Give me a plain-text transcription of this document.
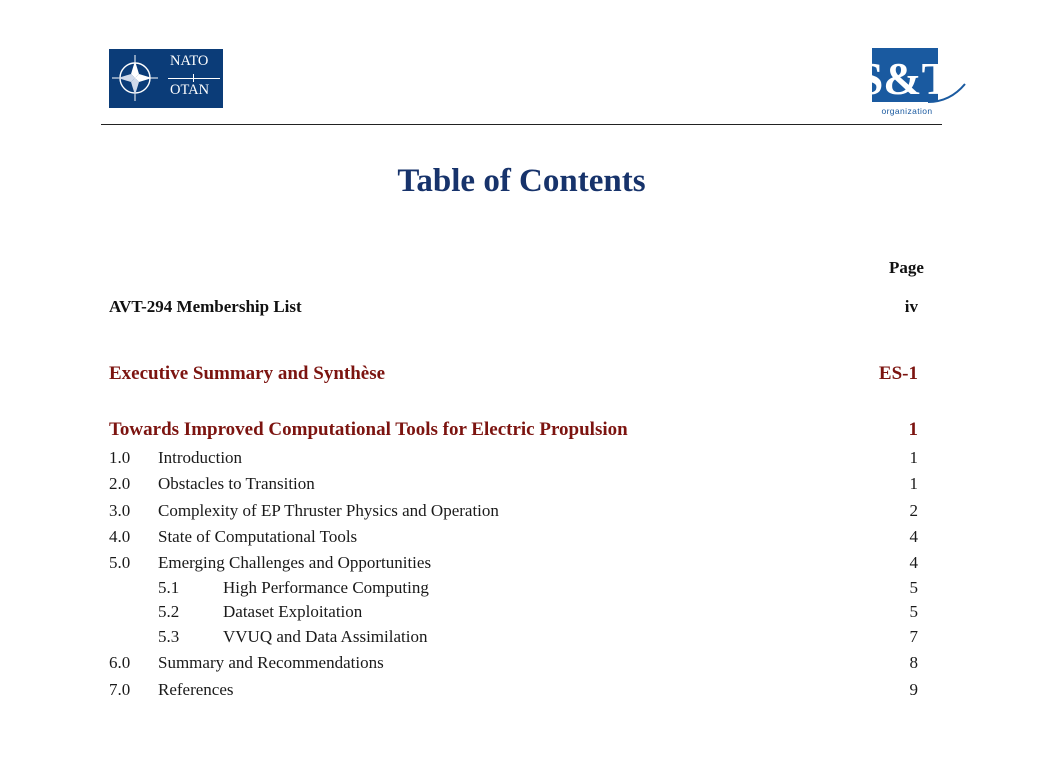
NATO
OTAN	S&T
organization
Table of Contents
Page
AVT-294 Membership List	iv
Executive Summary and Synthèse	ES-1
Towards Improved Computational Tools for Electric Propulsion	1
1.0 Introduction	1
2.0 Obstacles to Transition	1
3.0 Complexity of EP Thruster Physics and Operation	2
4.0 State of Computational Tools	4
5.0 Emerging Challenges and Opportunities	4
5.1	High Performance Computing	5
5.2	Dataset Exploitation	5
5.3	VVUQ and Data Assimilation	7
6.0 Summary and Recommendations	8
7.0 References	9
